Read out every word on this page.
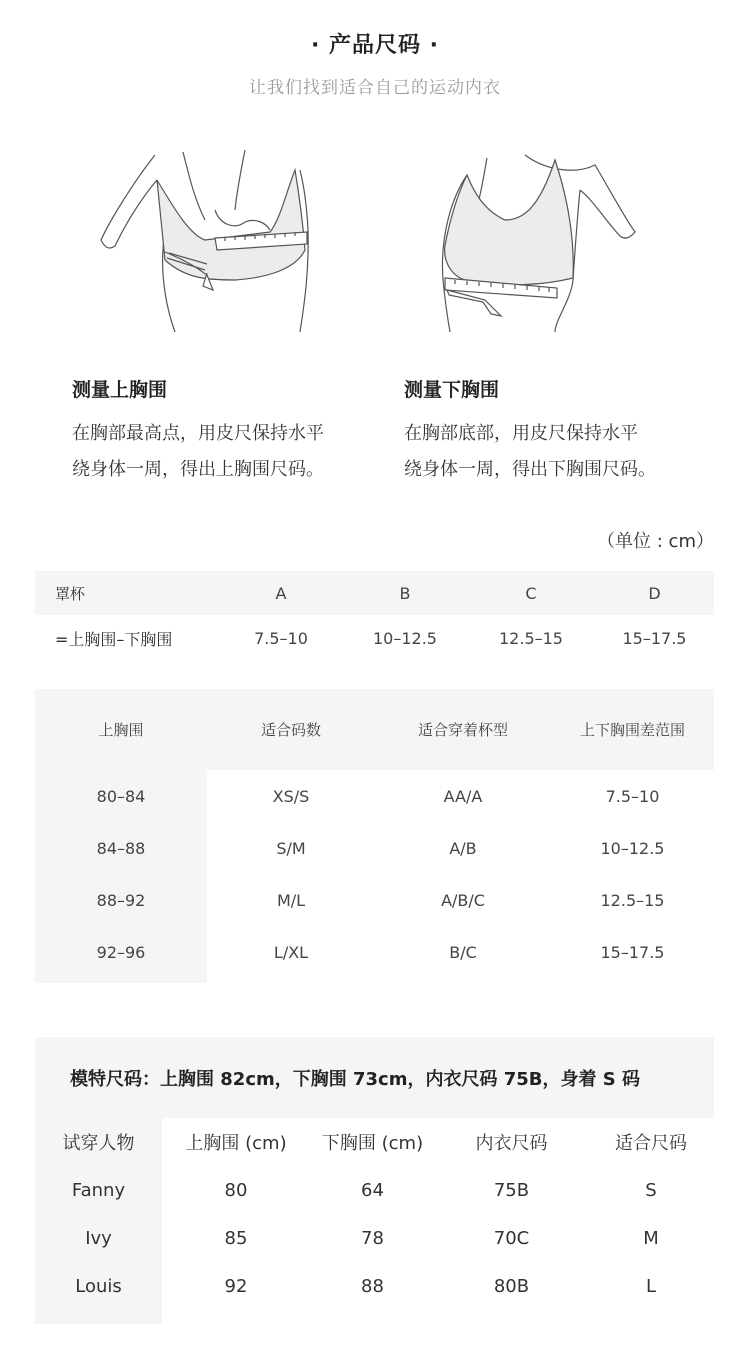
· 产品尺码 ·
让我们找到适合自己的运动内衣
测量上胸围
在胸部最高点，用皮尺保持水平
绕身体一周，得出上胸围尺码。
测量下胸围
在胸部底部，用皮尺保持水平
绕身体一周，得出下胸围尺码。
（单位 : cm）
罩杯	A	B	C	D
=上胸围–下胸围	7.5–10	10–12.5	12.5–15	15–17.5
上胸围	适合码数	适合穿着杯型	上下胸围差范围
80–84	XS/S	AA/A	7.5–10
84–88	S/M	A/B	10–12.5
88–92	M/L	A/B/C	12.5–15
92–96	L/XL	B/C	15–17.5
模特尺码：上胸围 82cm，下胸围 73cm，内衣尺码 75B，身着 S 码
试穿人物	上胸围 (cm)	下胸围 (cm)	内衣尺码	适合尺码
Fanny	80	64	75B	S
Ivy	85	78	70C	M
Louis	92	88	80B	L
